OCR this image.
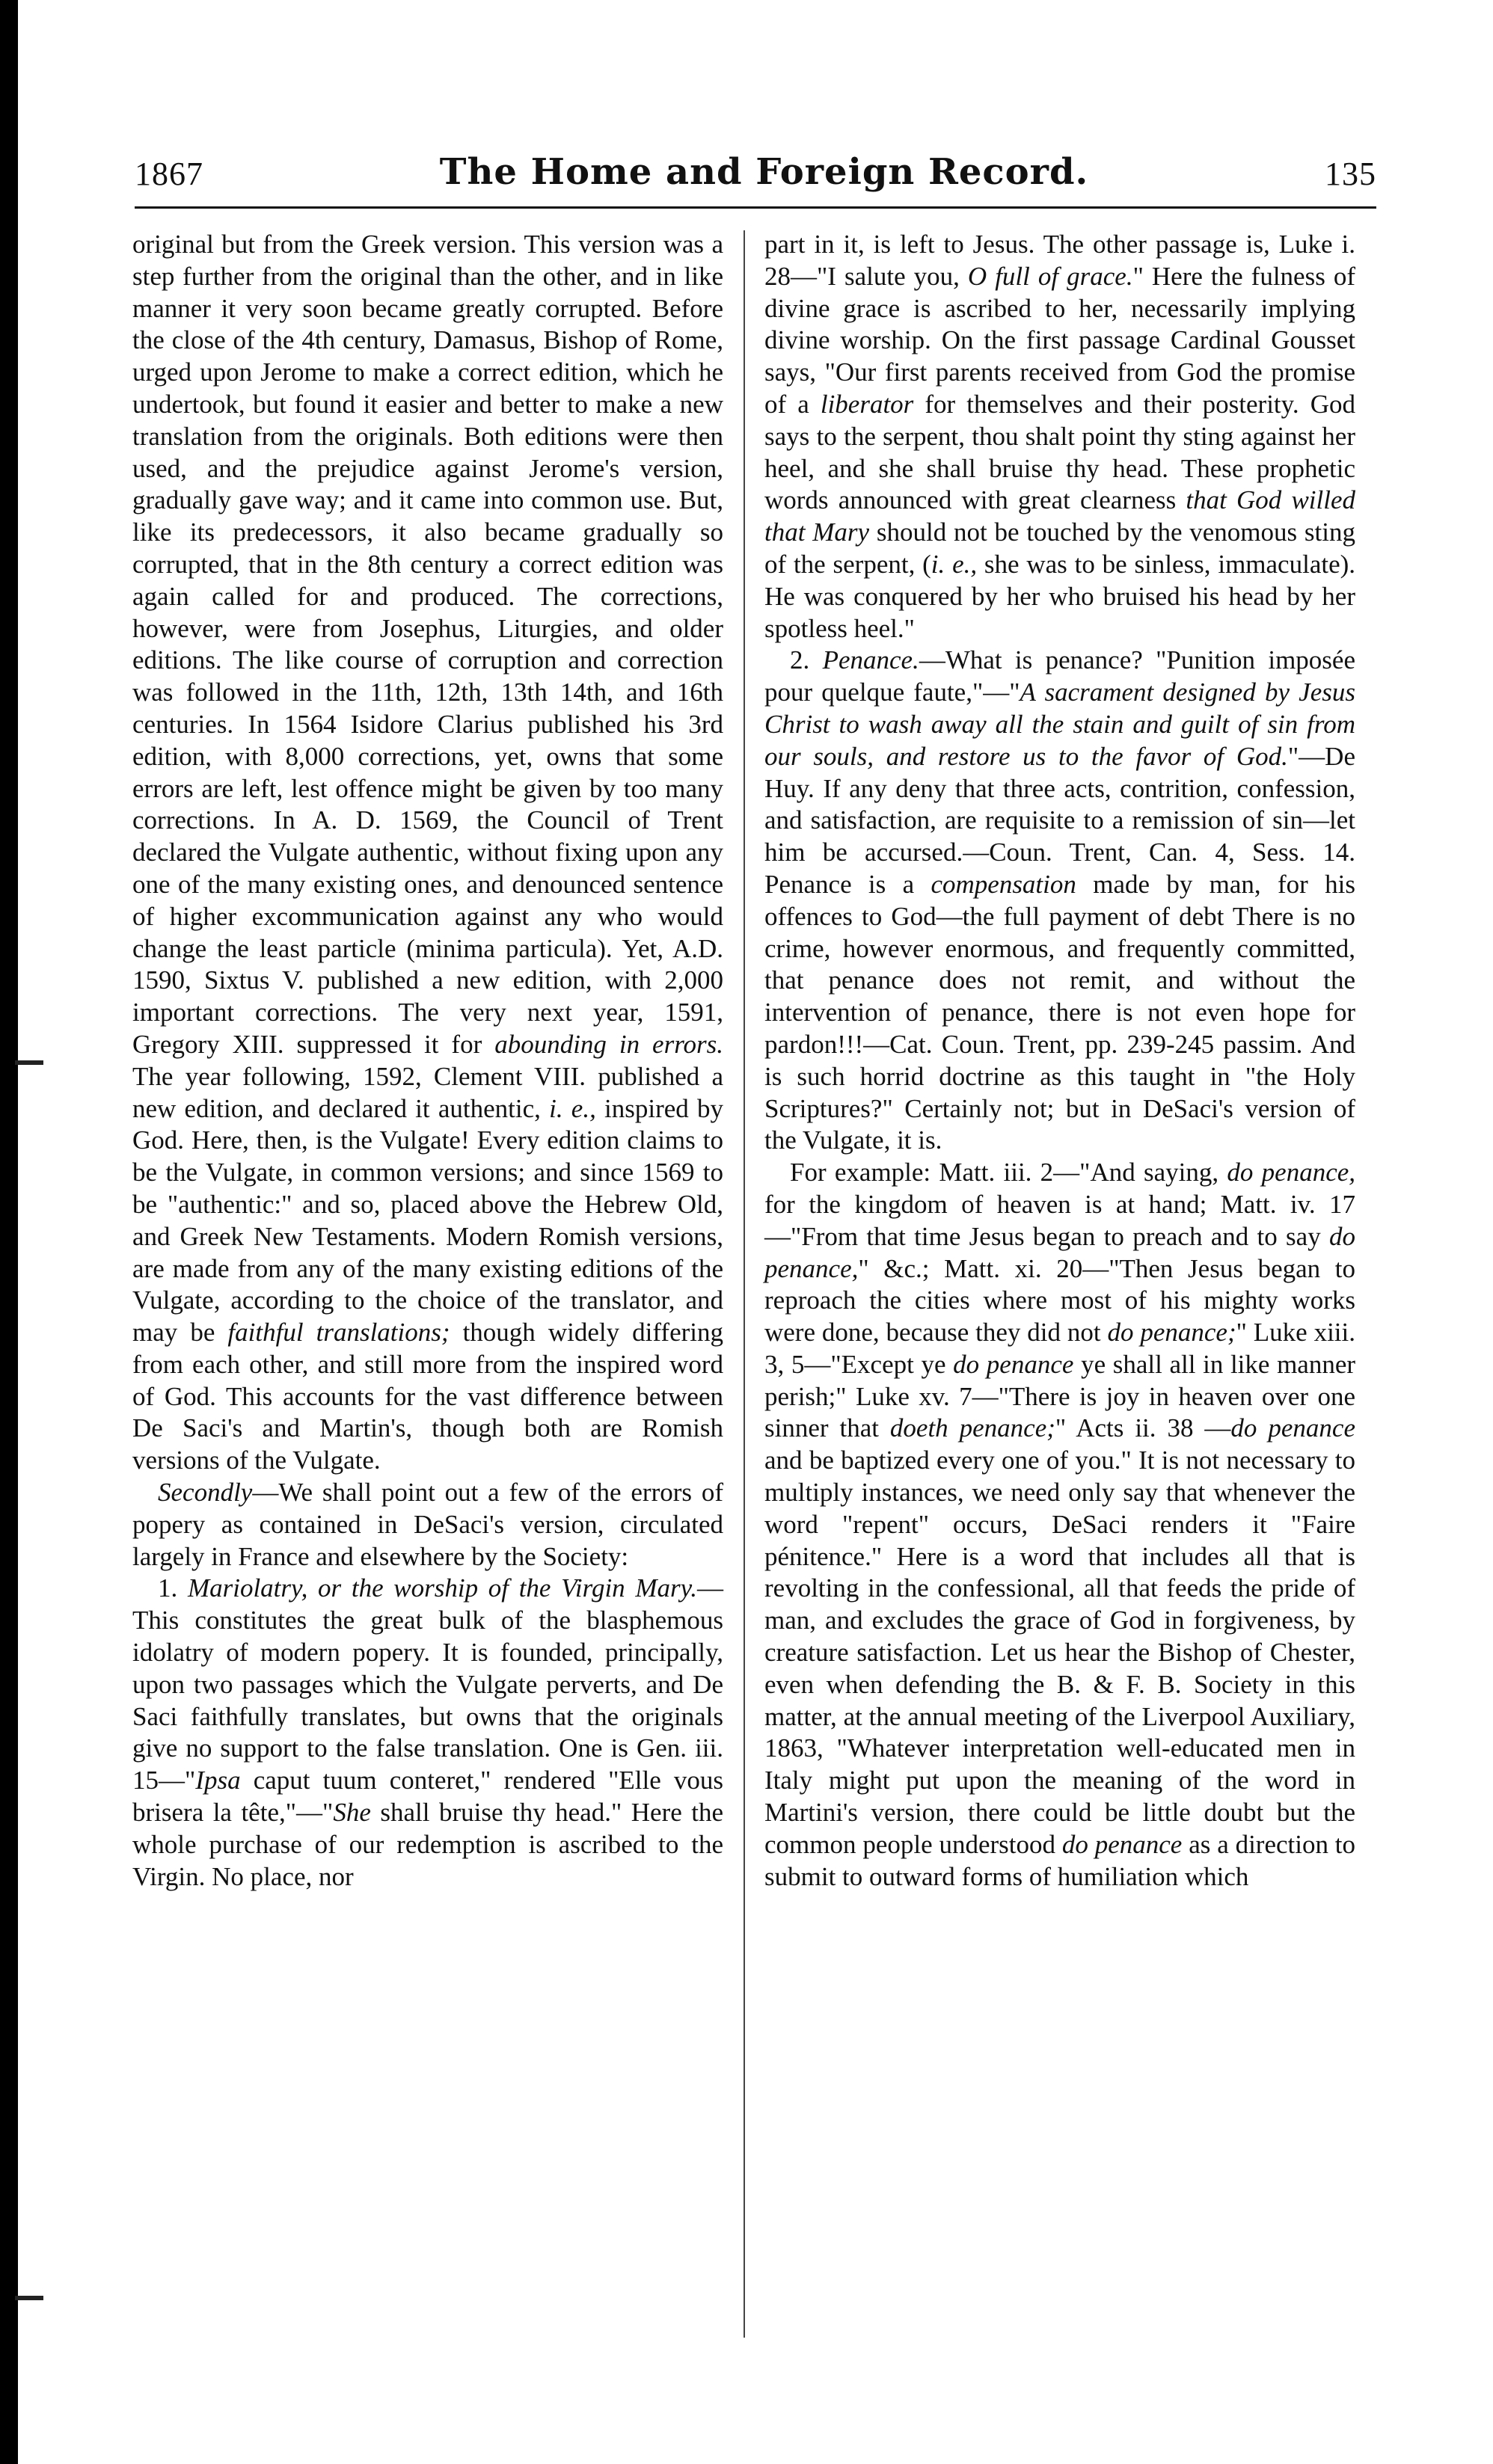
1867	The Home and Foreign Record.	135

original but from the Greek version. This version was a step further from the original than the other, and in like manner it very soon became greatly corrupted. Before the close of the 4th century, Damasus, Bishop of Rome, urged upon Jerome to make a correct edition, which he undertook, but found it easier and better to make a new translation from the originals. Both editions were then used, and the prejudice against Jerome's version, gradually gave way; and it came into common use. But, like its predecessors, it also became gradually so corrupted, that in the 8th century a correct edition was again called for and produced. The corrections, however, were from Josephus, Liturgies, and older editions. The like course of corruption and correction was followed in the 11th, 12th, 13th 14th, and 16th centuries. In 1564 Isidore Clarius published his 3rd edition, with 8,000 corrections, yet, owns that some errors are left, lest offence might be given by too many corrections. In A. D. 1569, the Council of Trent declared the Vulgate authentic, without fixing upon any one of the many existing ones, and denounced sentence of higher excommunication against any who would change the least particle (minima particula). Yet, A.D. 1590, Sixtus V. published a new edition, with 2,000 important corrections. The very next year, 1591, Gregory XIII. suppressed it for abounding in errors. The year following, 1592, Clement VIII. published a new edition, and declared it authentic, i. e., inspired by God. Here, then, is the Vulgate! Every edition claims to be the Vulgate, in common versions; and since 1569 to be "authentic:" and so, placed above the Hebrew Old, and Greek New Testaments. Modern Romish versions, are made from any of the many existing editions of the Vulgate, according to the choice of the translator, and may be faithful translations; though widely differing from each other, and still more from the inspired word of God. This accounts for the vast difference between De Saci's and Martin's, though both are Romish versions of the Vulgate.

Secondly—We shall point out a few of the errors of popery as contained in DeSaci's version, circulated largely in France and elsewhere by the Society:

1. Mariolatry, or the worship of the Virgin Mary.—This constitutes the great bulk of the blasphemous idolatry of modern popery. It is founded, principally, upon two passages which the Vulgate perverts, and De Saci faithfully translates, but owns that the originals give no support to the false translation. One is Gen. iii. 15—"Ipsa caput tuum conteret," rendered "Elle vous brisera la tête,"—"She shall bruise thy head." Here the whole purchase of our redemption is ascribed to the Virgin. No place, nor

part in it, is left to Jesus. The other passage is, Luke i. 28—"I salute you, O full of grace." Here the fulness of divine grace is ascribed to her, necessarily implying divine worship. On the first passage Cardinal Gousset says, "Our first parents received from God the promise of a liberator for themselves and their posterity. God says to the serpent, thou shalt point thy sting against her heel, and she shall bruise thy head. These prophetic words announced with great clearness that God willed that Mary should not be touched by the venomous sting of the serpent, (i. e., she was to be sinless, immaculate). He was conquered by her who bruised his head by her spotless heel."

2. Penance.—What is penance? "Punition imposée pour quelque faute,"—"A sacrament designed by Jesus Christ to wash away all the stain and guilt of sin from our souls, and restore us to the favor of God."—De Huy. If any deny that three acts, contrition, confession, and satisfaction, are requisite to a remission of sin—let him be accursed.—Coun. Trent, Can. 4, Sess. 14. Penance is a compensation made by man, for his offences to God—the full payment of debt There is no crime, however enormous, and frequently committed, that penance does not remit, and without the intervention of penance, there is not even hope for pardon!!!—Cat. Coun. Trent, pp. 239-245 passim. And is such horrid doctrine as this taught in "the Holy Scriptures?" Certainly not; but in DeSaci's version of the Vulgate, it is.

For example: Matt. iii. 2—"And saying, do penance, for the kingdom of heaven is at hand; Matt. iv. 17—"From that time Jesus began to preach and to say do penance," &c.; Matt. xi. 20—"Then Jesus began to reproach the cities where most of his mighty works were done, because they did not do penance;" Luke xiii. 3, 5—"Except ye do penance ye shall all in like manner perish;" Luke xv. 7—"There is joy in heaven over one sinner that doeth penance;" Acts ii. 38 —do penance and be baptized every one of you." It is not necessary to multiply instances, we need only say that whenever the word "repent" occurs, DeSaci renders it "Faire pénitence." Here is a word that includes all that is revolting in the confessional, all that feeds the pride of man, and excludes the grace of God in forgiveness, by creature satisfaction. Let us hear the Bishop of Chester, even when defending the B. & F. B. Society in this matter, at the annual meeting of the Liverpool Auxiliary, 1863, "Whatever interpretation well-educated men in Italy might put upon the meaning of the word in Martini's version, there could be little doubt but the common people understood do penance as a direction to submit to outward forms of humiliation which
